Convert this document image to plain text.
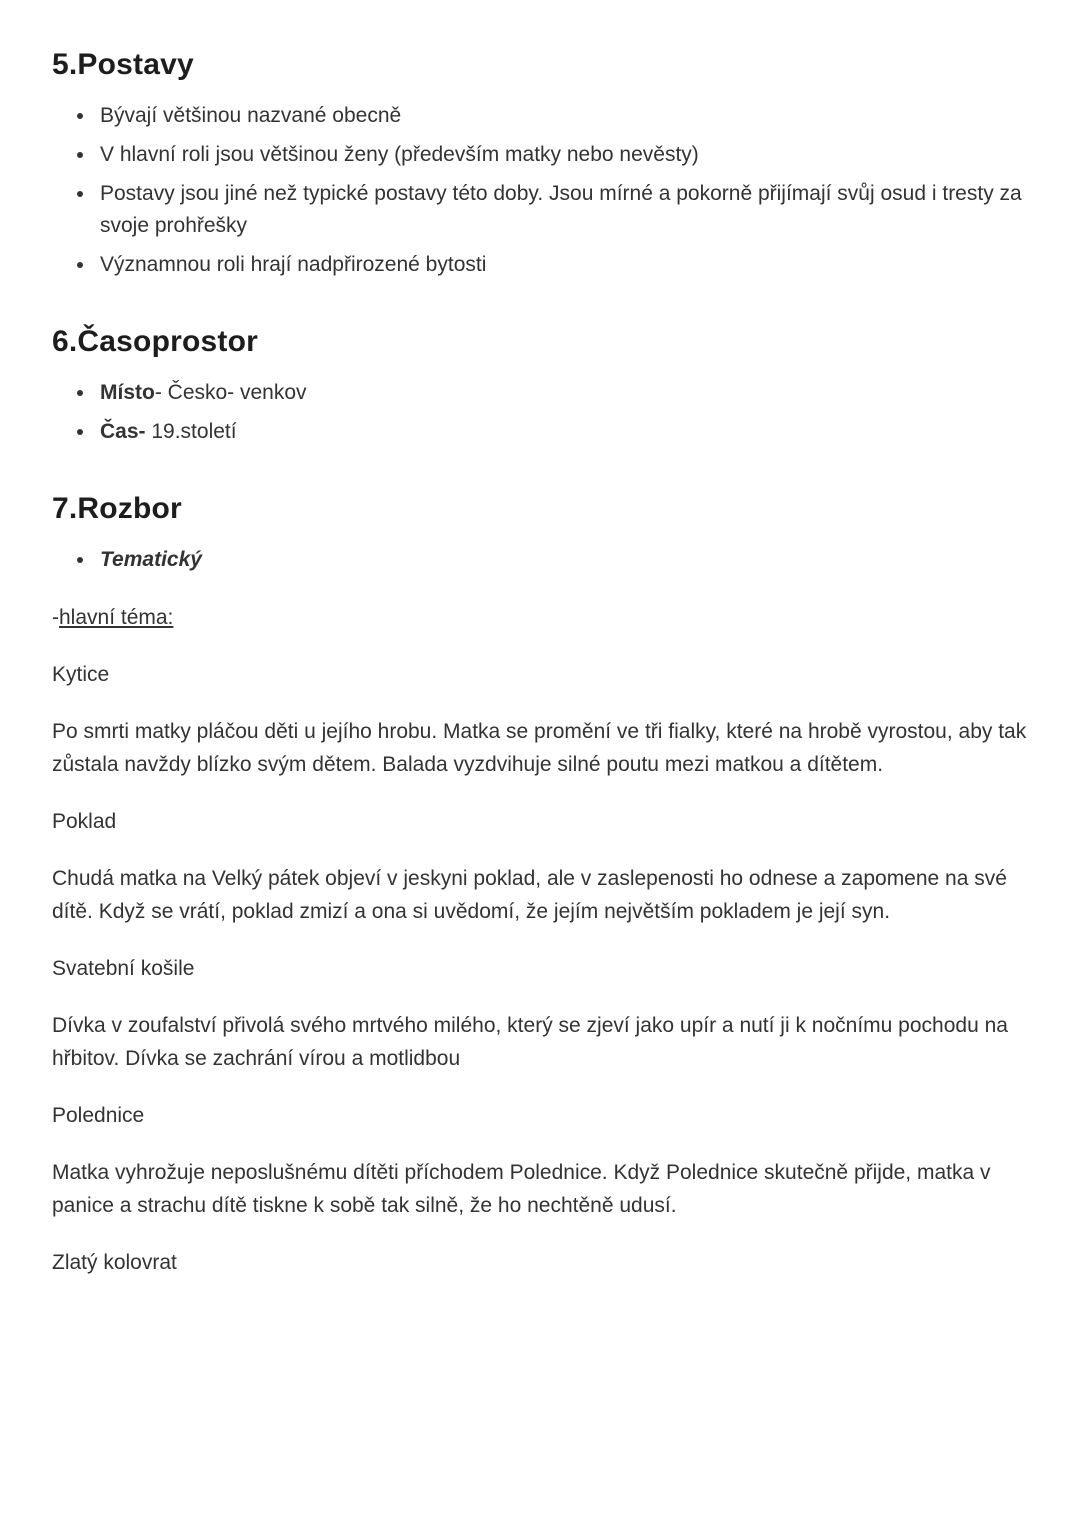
5.Postavy
• Bývají většinou nazvané obecně
• V hlavní roli jsou většinou ženy (především matky nebo nevěsty)
• Postavy jsou jiné než typické postavy této doby. Jsou mírné a pokorně přijímají svůj osud i tresty za svoje prohřešky
• Významnou roli hrají nadpřirozené bytosti
6.Časoprostor
• Místo- Česko- venkov
• Čas- 19.století
7.Rozbor
• Tematický

-hlavní téma:

Kytice

Po smrti matky pláčou děti u jejího hrobu. Matka se promění ve tři fialky, které na hrobě vyrostou, aby tak zůstala navždy blízko svým dětem. Balada vyzdvihuje silné poutu mezi matkou a dítětem.

Poklad

Chudá matka na Velký pátek objeví v jeskyni poklad, ale v zaslepenosti ho odnese a zapomene na své dítě. Když se vrátí, poklad zmizí a ona si uvědomí, že jejím největším pokladem je její syn.

Svatební košile

Dívka v zoufalství přivolá svého mrtvého milého, který se zjeví jako upír a nutí ji k nočnímu pochodu na hřbitov. Dívka se zachrání vírou a motlidbou

Polednice

Matka vyhrožuje neposlušnému dítěti příchodem Polednice. Když Polednice skutečně přijde, matka v panice a strachu dítě tiskne k sobě tak silně, že ho nechtěně udusí.

Zlatý kolovrat
